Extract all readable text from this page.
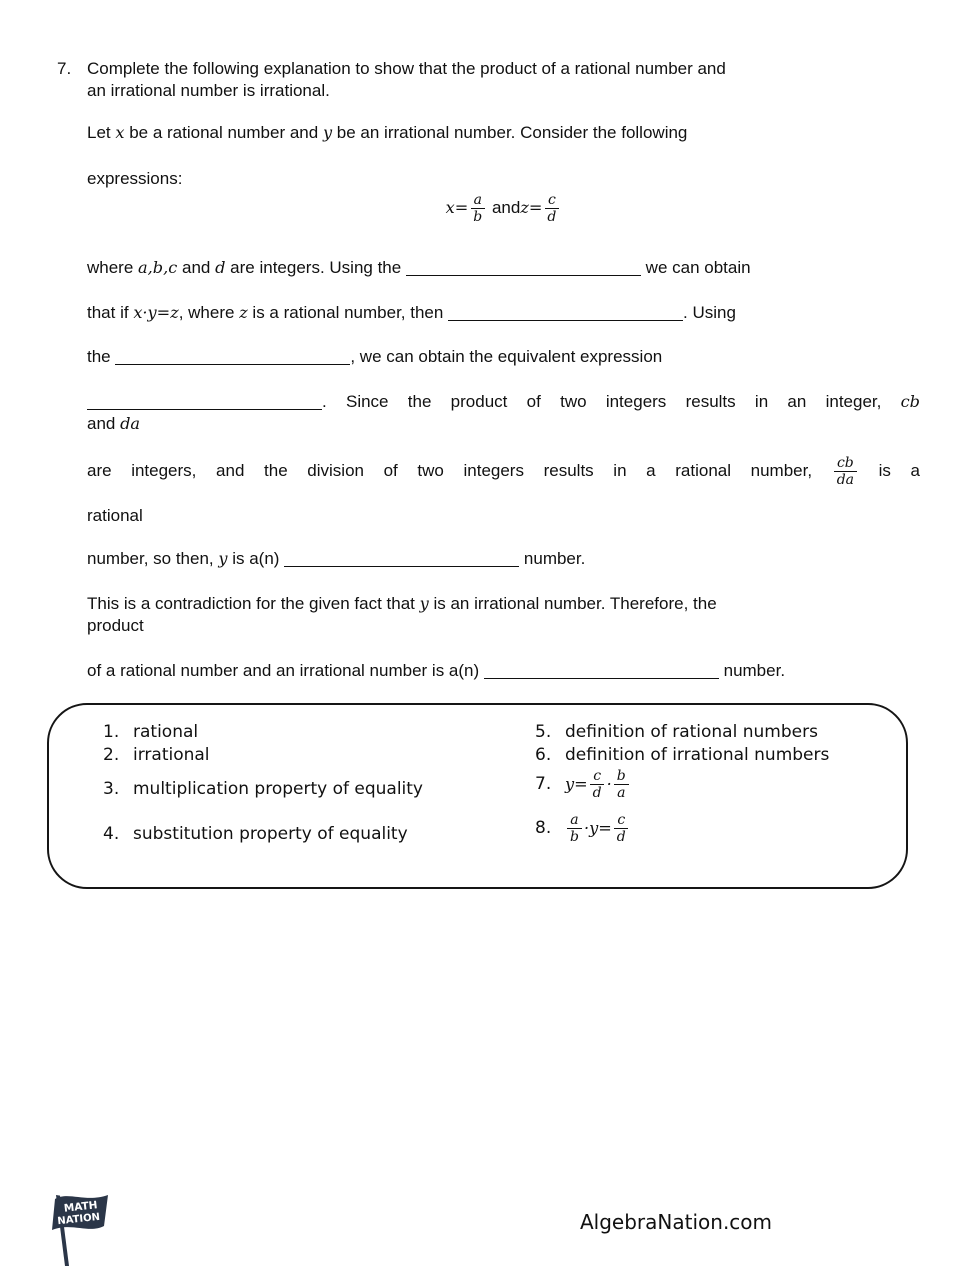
7. Complete the following explanation to show that the product of a rational number and
an irrational number is irrational.
Let x be a rational number and y be an irrational number. Consider the following
expressions:
$x= \frac{a}{b}$ andz= $\frac{c}{d}$
where a,b,c and d are integers. Using the	we can obtain
that if x·y=z, where z is a rational number, then	. Using
the	, we can obtain the equivalent expression
. Since the product of two integers results in an integer, cb
and da
are integers, and the division of two integers results in a rational number, $\frac{cb}{da}$ is a
rational
number, so then, y is a(n)	number.
This is a contradiction for the given fact that y is an irrational number. Therefore, the
product
of a rational number and an irrational number is a(n)	number.
1. rational
2. irrational
3. multiplication property of equality
4. substitution property of equality
5. definition of rational numbers
6. definition of irrational numbers
7. $y= \frac{c}{d} \cdot \frac{b}{a}$
8. $\frac{a}{b} \cdot y= \frac{c}{d}$
MATH
NATION	AlgebraNation.com
